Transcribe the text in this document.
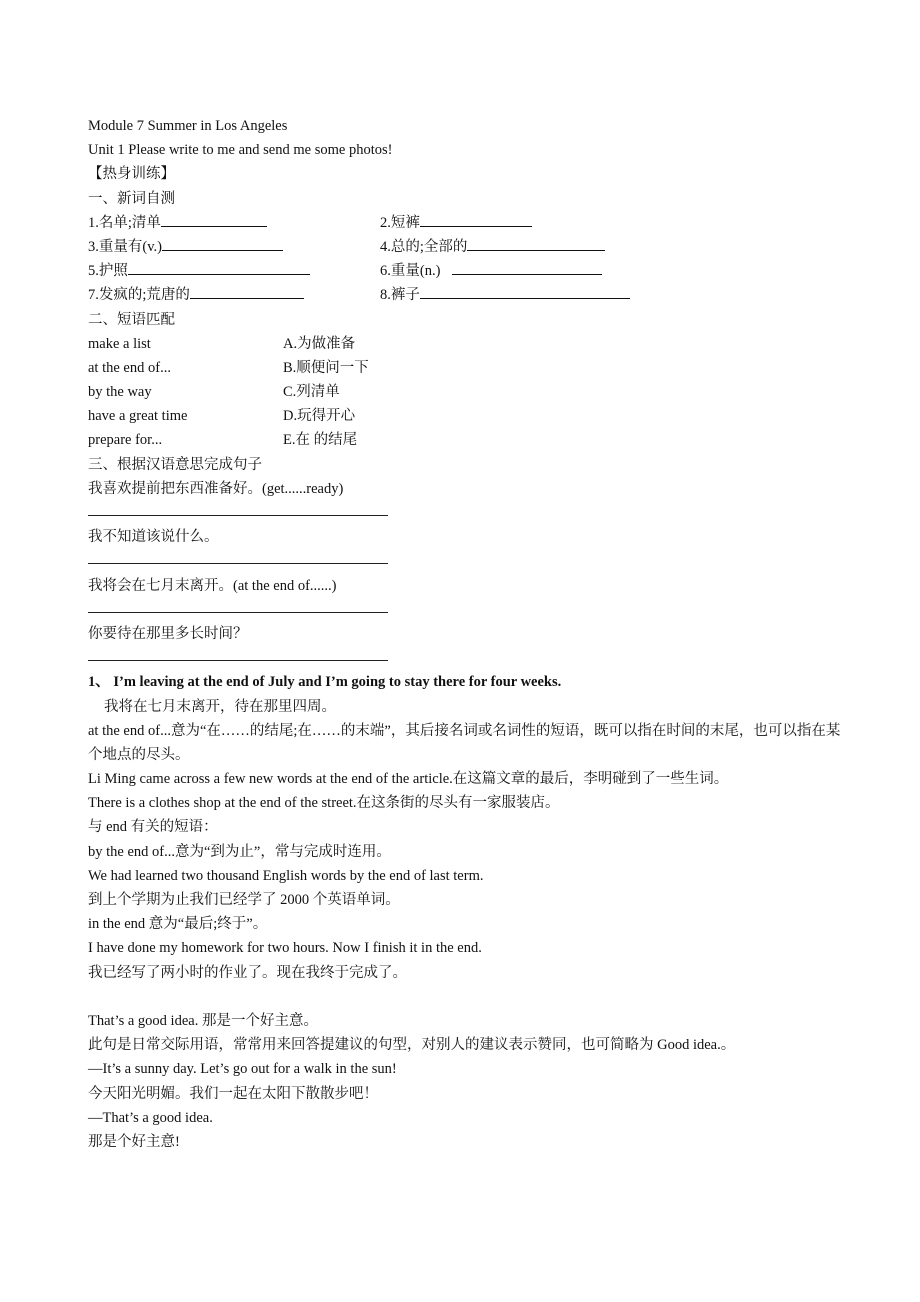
Module 7 Summer in Los Angeles
Unit 1 Please write to me and send me some photos!
【热身训练】
一、新词自测
1.名单;清单	2.短裤
3.重量有(v.)	4.总的;全部的
5.护照	6.重量(n.)
7.发疯的;荒唐的	8.裤子
二、短语匹配
make a list	A.为做准备
at the end of...	B.顺便问一下
by the way	C.列清单
have a great time	D.玩得开心
prepare for...	E.在 的结尾
三、根据汉语意思完成句子
我喜欢提前把东西准备好。(get......ready)
我不知道该说什么。
我将会在七月末离开。(at the end of......)
你要待在那里多长时间？
1、 I’m leaving at the end of July and I’m going to stay there for four weeks.
我将在七月末离开，待在那里四周。
at the end of...意为“在……的结尾;在……的末端”，其后接名词或名词性的短语，既可以指在时间的末尾，也可以指在某个地点的尽头。
Li Ming came across a few new words at the end of the article.在这篇文章的最后，李明碰到了一些生词。
There is a clothes shop at the end of the street.在这条街的尽头有一家服装店。
与 end 有关的短语：
by the end of...意为“到为止”，常与完成时连用。
We had learned two thousand English words by the end of last term.
到上个学期为止我们已经学了 2000 个英语单词。
in the end 意为“最后;终于”。
I have done my homework for two hours. Now I finish it in the end.
我已经写了两小时的作业了。现在我终于完成了。
That’s a good idea. 那是一个好主意。
此句是日常交际用语，常常用来回答提建议的句型，对别人的建议表示赞同，也可简略为 Good idea.。
—It’s a sunny day. Let’s go out for a walk in the sun!
今天阳光明媚。我们一起在太阳下散散步吧！
—That’s a good idea.
那是个好主意!
